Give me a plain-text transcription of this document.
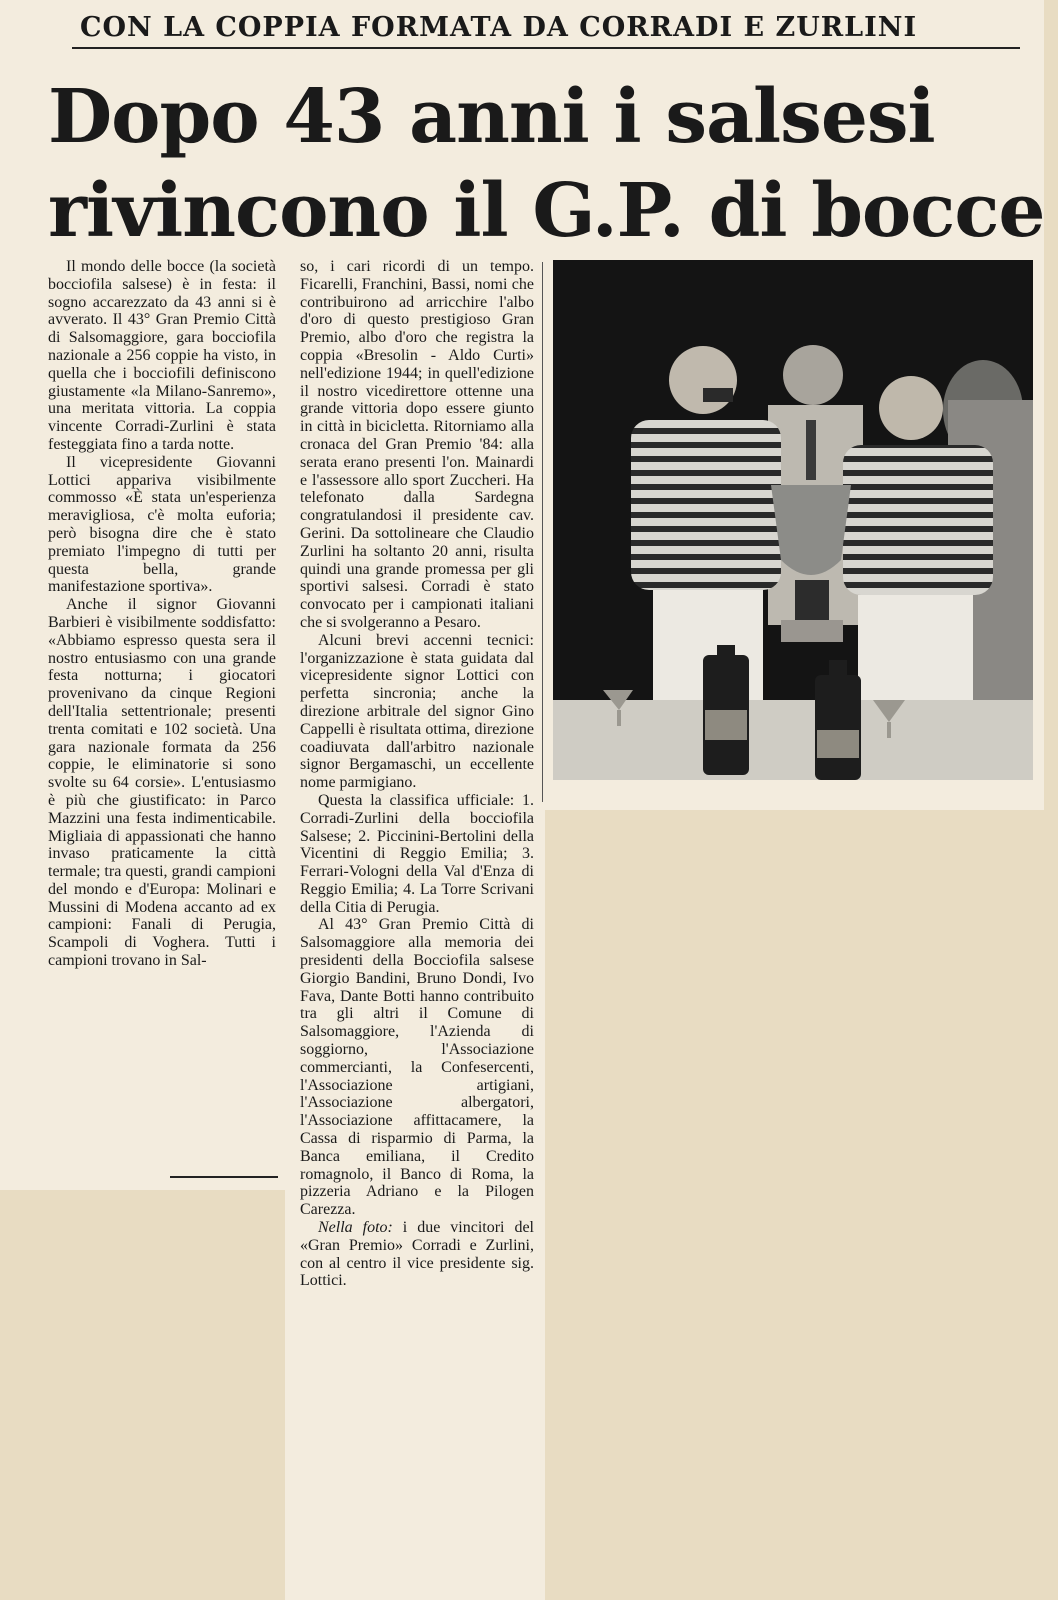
CON LA COPPIA FORMATA DA CORRADI E ZURLINI
Dopo 43 anni i salsesi
rivincono il G.P. di bocce

Il mondo delle bocce (la società bocciofila salsese) è in festa: il sogno accarezzato da 43 anni si è avverato. Il 43° Gran Premio Città di Salsomaggiore, gara bocciofila nazionale a 256 coppie ha visto, in quella che i bocciofili definiscono giustamente «la Milano-Sanremo», una meritata vittoria. La coppia vincente Corradi-Zurlini è stata festeggiata fino a tarda notte.

Il vicepresidente Giovanni Lottici appariva visibilmente commosso «È stata un'esperienza meravigliosa, c'è molta euforia; però bisogna dire che è stato premiato l'impegno di tutti per questa bella, grande manifestazione sportiva».

Anche il signor Giovanni Barbieri è visibilmente soddisfatto: «Abbiamo espresso questa sera il nostro entusiasmo con una grande festa notturna; i giocatori provenivano da cinque Regioni dell'Italia settentrionale; presenti trenta comitati e 102 società. Una gara nazionale formata da 256 coppie, le eliminatorie si sono svolte su 64 corsie». L'entusiasmo è più che giustificato: in Parco Mazzini una festa indimenticabile. Migliaia di appassionati che hanno invaso praticamente la città termale; tra questi, grandi campioni del mondo e d'Europa: Molinari e Mussini di Modena accanto ad ex campioni: Fanali di Perugia, Scampoli di Voghera. Tutti i campioni trovano in Sal-

so, i cari ricordi di un tempo. Ficarelli, Franchini, Bassi, nomi che contribuirono ad arricchire l'albo d'oro di questo prestigioso Gran Premio, albo d'oro che registra la coppia «Bresolin - Aldo Curti» nell'edizione 1944; in quell'edizione il nostro vicedirettore ottenne una grande vittoria dopo essere giunto in città in bicicletta. Ritorniamo alla cronaca del Gran Premio '84: alla serata erano presenti l'on. Mainardi e l'assessore allo sport Zuccheri. Ha telefonato dalla Sardegna congratulandosi il presidente cav. Gerini. Da sottolineare che Claudio Zurlini ha soltanto 20 anni, risulta quindi una grande promessa per gli sportivi salsesi. Corradi è stato convocato per i campionati italiani che si svolgeranno a Pesaro.

Alcuni brevi accenni tecnici: l'organizzazione è stata guidata dal vicepresidente signor Lottici con perfetta sincronia; anche la direzione arbitrale del signor Gino Cappelli è risultata ottima, direzione coadiuvata dall'arbitro nazionale signor Bergamaschi, un eccellente nome parmigiano.

Questa la classifica ufficiale: 1. Corradi-Zurlini della bocciofila Salsese; 2. Piccinini-Bertolini della Vicentini di Reggio Emilia; 3. Ferrari-Vologni della Val d'Enza di Reggio Emilia; 4. La Torre Scrivani della Citia di Perugia.

Al 43° Gran Premio Città di Salsomaggiore alla memoria dei presidenti della Bocciofila salsese Giorgio Bandini, Bruno Dondi, Ivo Fava, Dante Botti hanno contribuito tra gli altri il Comune di Salsomaggiore, l'Azienda di soggiorno, l'Associazione commercianti, la Confesercenti, l'Associazione artigiani, l'Associazione albergatori, l'Associazione affittacamere, la Cassa di risparmio di Parma, la Banca emiliana, il Credito romagnolo, il Banco di Roma, la pizzeria Adriano e la Pilogen Carezza.

Nella foto: i due vincitori del «Gran Premio» Corradi e Zurlini, con al centro il vice presidente sig. Lottici.
